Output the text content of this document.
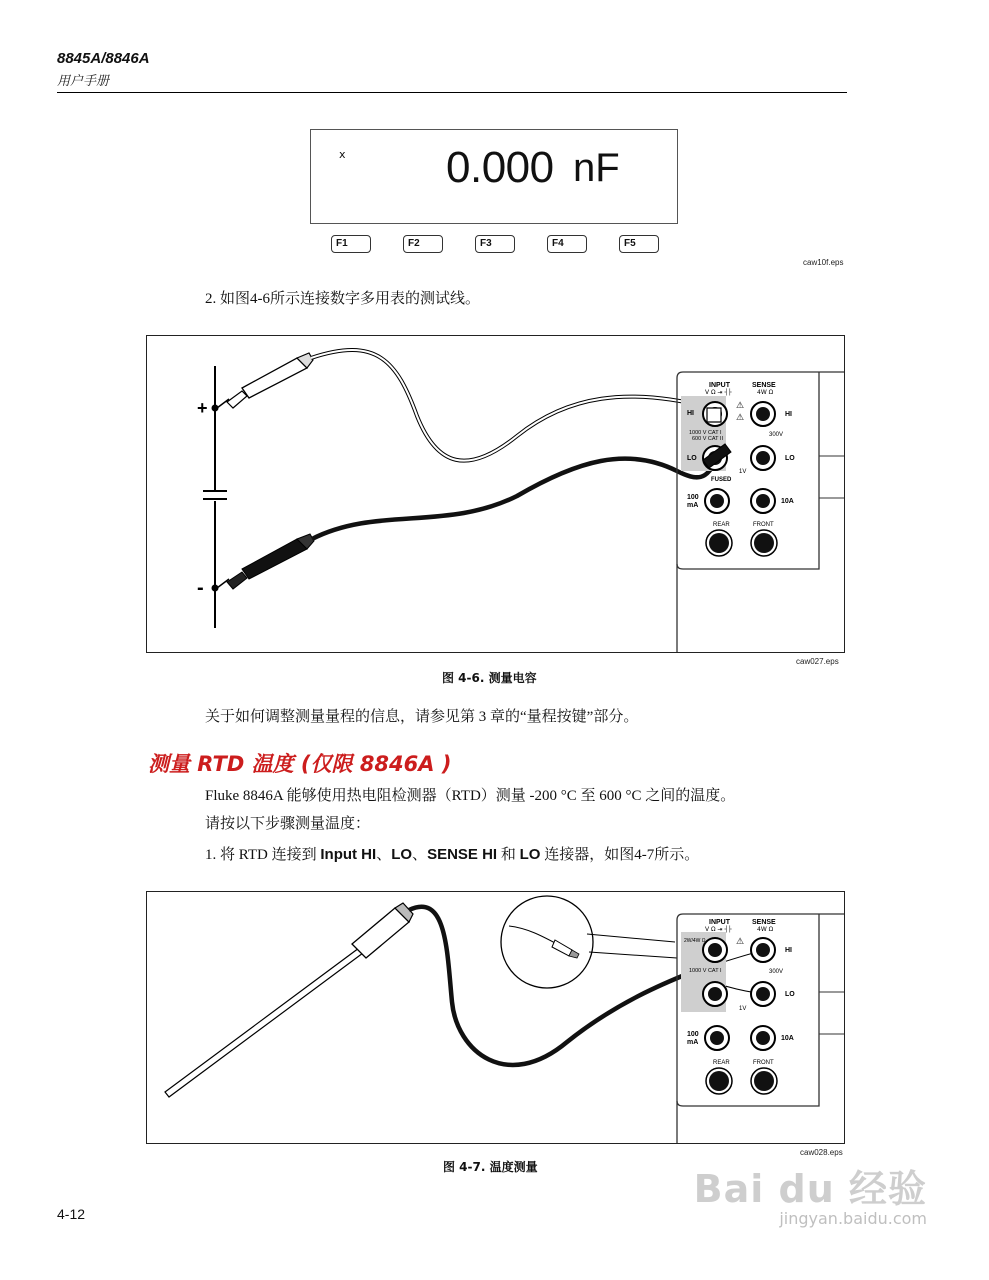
8845A/8846A
用户手册
x 0.000 nF
F1	F2	F3	F4	F5
caw10f.eps
2. 如图4-6所示连接数字多用表的测试线。
+
-
INPUT
V Ω ⇥ ┤├
SENSE
4W Ω
⚠
⚠
HI	HI
1000 V CAT I
600 V CAT II
300V
LO	LO
1V
FUSED
100
mA
10A
REAR	FRONT
caw027.eps
图 4-6. 测量电容
关于如何调整测量量程的信息，请参见第 3 章的“量程按键”部分。
测量 RTD 温度 (仅限 8846A )
Fluke 8846A 能够使用热电阻检测器（RTD）测量 -200 °C 至 600 °C 之间的温度。
请按以下步骤测量温度：
1. 将 RTD 连接到 Input HI、LO、SENSE HI 和 LO 连接器，如图4-7所示。
INPUT
V Ω ⇥ ┤├
SENSE
4W Ω
2W/4W Ω	⚠
HI
1000 V CAT I	300V
LO
1V
100
mA
10A
REAR	FRONT
caw028.eps
图 4-7. 温度测量
4-12
Bai du 经验
jingyan.baidu.com
